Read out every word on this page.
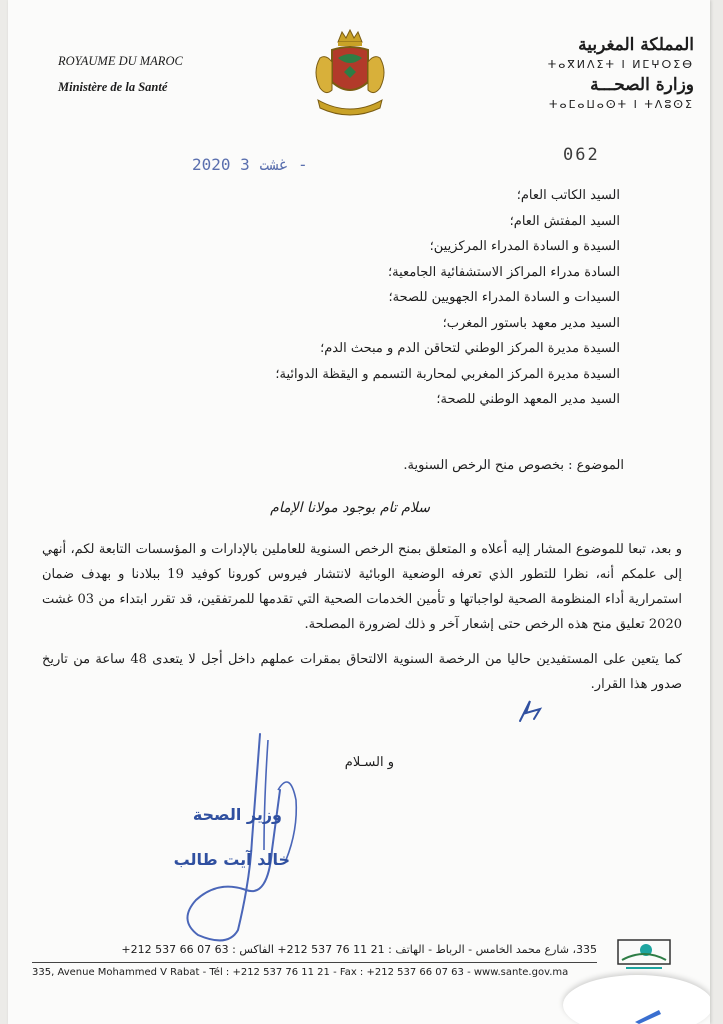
ROYAUME DU MAROC
Ministère de la Santé
المملكة المغربية
ⵜⴰⴳⵍⴷⵉⵜ ⵏ ⵍⵎⵖⵔⵉⴱ
وزارة الصحـــة
ⵜⴰⵎⴰⵡⴰⵙⵜ ⵏ ⵜⴷⵓⵙⵉ
2020 غشت 3 -	062
السيد الكاتب العام؛
السيد المفتش العام؛
السيدة و السادة المدراء المركزيين؛
السادة مدراء المراكز الاستشفائية الجامعية؛
السيدات و السادة المدراء الجهويين للصحة؛
السيد مدير معهد باستور المغرب؛
السيدة مديرة المركز الوطني لتحاقن الدم و مبحث الدم؛
السيدة مديرة المركز المغربي لمحاربة التسمم و اليقظة الدوائية؛
السيد مدير المعهد الوطني للصحة؛
الموضوع : بخصوص منح الرخص السنوية.
سلام تام بوجود مولانا الإمام

و بعد، تبعا للموضوع المشار إليه أعلاه و المتعلق بمنح الرخص السنوية للعاملين بالإدارات و المؤسسات التابعة لكم، أنهي إلى علمكم أنه، نظرا للتطور الذي تعرفه الوضعية الوبائية لانتشار فيروس كورونا كوفيد 19 ببلادنا و بهدف ضمان استمرارية أداء المنظومة الصحية لواجباتها و تأمين الخدمات الصحية التي تقدمها للمرتفقين، قد تقرر ابتداء من 03 غشت 2020 تعليق منح هذه الرخص حتى إشعار آخر و ذلك لضرورة المصلحة.

كما يتعين على المستفيدين حاليا من الرخصة السنوية الالتحاق بمقرات عملهم داخل أجل لا يتعدى 48 ساعة من تاريخ صدور هذا القرار.

و السـلام
وزير الصحة
خالد آيت طالب
335، شارع محمد الخامس - الرباط - الهاتف : 21 11 76 537 212+ الفاكس : 63 07 66 537 212+
335, Avenue Mohammed V Rabat - Tél : +212 537 76 11 21 - Fax : +212 537 66 07 63 - www.sante.gov.ma
